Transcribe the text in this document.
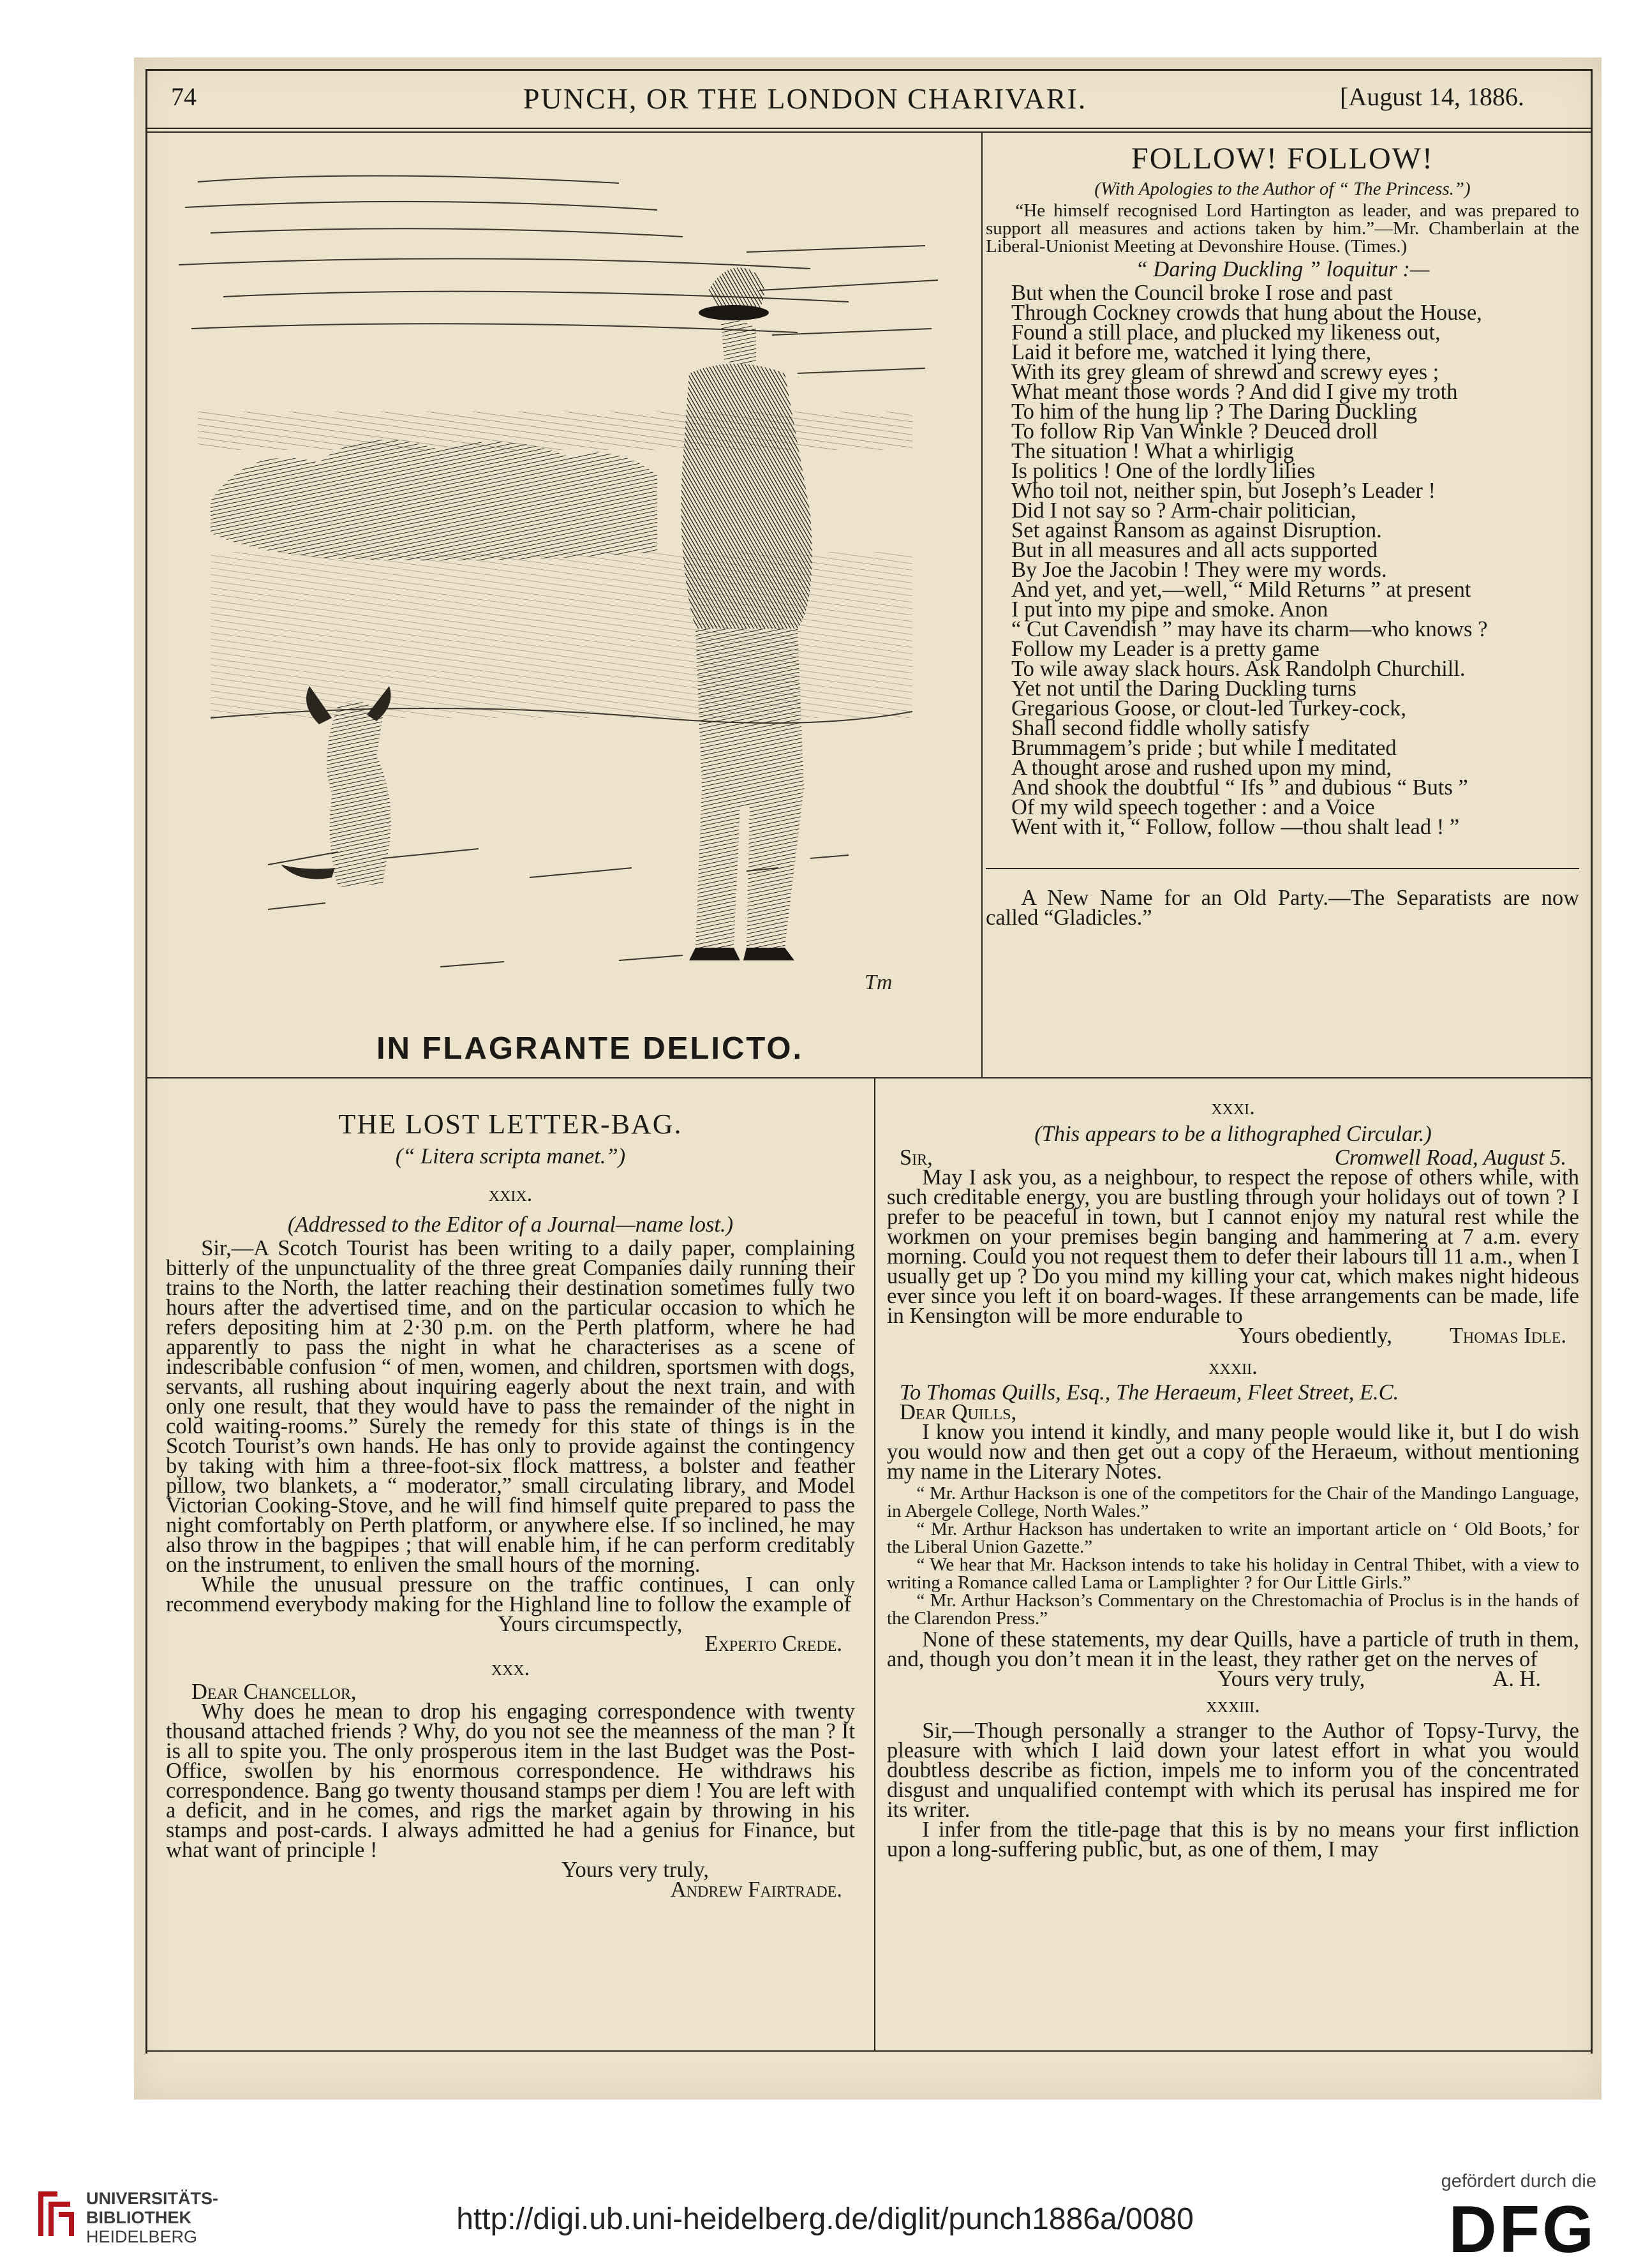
74	PUNCH, OR THE LONDON CHARIVARI.	[August 14, 1886.
Tm
IN FLAGRANTE DELICTO.

FOLLOW! FOLLOW!

(With Apologies to the Author of “ The Princess.”)

“He himself recognised Lord Hartington as leader, and was prepared to support all measures and actions taken by him.”—Mr. Chamberlain at the Liberal-Unionist Meeting at Devonshire House. (Times.)

“ Daring Duckling ” loquitur :—

But when the Council broke I rose and past
Through Cockney crowds that hung about the House,
Found a still place, and plucked my likeness out,
Laid it before me, watched it lying there,
With its grey gleam of shrewd and screwy eyes ;
What meant those words ? And did I give my troth
To him of the hung lip ? The Daring Duckling
To follow Rip Van Winkle ? Deuced droll
The situation ! What a whirligig
Is politics ! One of the lordly lilies
Who toil not, neither spin, but Joseph’s Leader !
Did I not say so ? Arm-chair politician,
Set against Ransom as against Disruption.
But in all measures and all acts supported
By Joe the Jacobin ! They were my words.
And yet, and yet,—well, “ Mild Returns ” at present
I put into my pipe and smoke. Anon
“ Cut Cavendish ” may have its charm—who knows ?
Follow my Leader is a pretty game
To wile away slack hours. Ask Randolph Churchill.
Yet not until the Daring Duckling turns
Gregarious Goose, or clout-led Turkey-cock,
Shall second fiddle wholly satisfy
Brummagem’s pride ; but while I meditated
A thought arose and rushed upon my mind,
And shook the doubtful “ Ifs ” and dubious “ Buts ”
Of my wild speech together : and a Voice
Went with it, “ Follow, follow —thou shalt lead ! ”

A New Name for an Old Party.—The Separatists are now called “Gladicles.”

THE LOST LETTER-BAG.

(“ Litera scripta manet.”)

xxix.

(Addressed to the Editor of a Journal—name lost.)

Sir,—A Scotch Tourist has been writing to a daily paper, complaining bitterly of the unpunctuality of the three great Companies daily running their trains to the North, the latter reaching their destination sometimes fully two hours after the advertised time, and on the particular occasion to which he refers depositing him at 2·30 p.m. on the Perth platform, where he had apparently to pass the night in what he characterises as a scene of indescribable confusion “ of men, women, and children, sportsmen with dogs, servants, all rushing about inquiring eagerly about the next train, and with only one result, that they would have to pass the remainder of the night in cold waiting-rooms.” Surely the remedy for this state of things is in the Scotch Tourist’s own hands. He has only to provide against the contingency by taking with him a three-foot-six flock mattress, a bolster and feather pillow, two blankets, a “ moderator,” small circulating library, and Model Victorian Cooking-Stove, and he will find himself quite prepared to pass the night comfortably on Perth platform, or anywhere else. If so inclined, he may also throw in the bagpipes ; that will enable him, if he can perform creditably on the instrument, to enliven the small hours of the morning.

While the unusual pressure on the traffic continues, I can only recommend everybody making for the Highland line to follow the example of

Yours circumspectly,

Experto Crede.

xxx.

Dear Chancellor,

Why does he mean to drop his engaging correspondence with twenty thousand attached friends ? Why, do you not see the meanness of the man ? It is all to spite you. The only prosperous item in the last Budget was the Post-Office, swollen by his enormous correspondence. He withdraws his correspondence. Bang go twenty thousand stamps per diem ! You are left with a deficit, and in he comes, and rigs the market again by throwing in his stamps and post-cards. I always admitted he had a genius for Finance, but what want of principle !

Yours very truly,

Andrew Fairtrade.

xxxi.

(This appears to be a lithographed Circular.)

Sir,	Cromwell Road, August 5.

May I ask you, as a neighbour, to respect the repose of others while, with such creditable energy, you are bustling through your holidays out of town ? I prefer to be peaceful in town, but I cannot enjoy my natural rest while the workmen on your premises begin banging and hammering at 7 a.m. every morning. Could you not request them to defer their labours till 11 a.m., when I usually get up ? Do you mind my killing your cat, which makes night hideous ever since you left it on board-wages. If these arrangements can be made, life in Kensington will be more endurable to

Yours obediently,	Thomas Idle.

xxxii.

To Thomas Quills, Esq., The Heraeum, Fleet Street, E.C.

Dear Quills,

I know you intend it kindly, and many people would like it, but I do wish you would now and then get out a copy of the Heraeum, without mentioning my name in the Literary Notes.

“ Mr. Arthur Hackson is one of the competitors for the Chair of the Mandingo Language, in Abergele College, North Wales.”

“ Mr. Arthur Hackson has undertaken to write an important article on ‘ Old Boots,’ for the Liberal Union Gazette.”

“ We hear that Mr. Hackson intends to take his holiday in Central Thibet, with a view to writing a Romance called Lama or Lamplighter ? for Our Little Girls.”

“ Mr. Arthur Hackson’s Commentary on the Chrestomachia of Proclus is in the hands of the Clarendon Press.”

None of these statements, my dear Quills, have a particle of truth in them, and, though you don’t mean it in the least, they rather get on the nerves of

Yours very truly,	A. H.

xxxiii.

Sir,—Though personally a stranger to the Author of Topsy-Turvy, the pleasure with which I laid down your latest effort in what you would doubtless describe as fiction, impels me to inform you of the concentrated disgust and unqualified contempt with which its perusal has inspired me for its writer.

I infer from the title-page that this is by no means your first infliction upon a long-suffering public, but, as one of them, I may

UNIVERSITÄTS-
BIBLIOTHEK
HEIDELBERG
http://digi.ub.uni-heidelberg.de/diglit/punch1886a/0080
gefördert durch die
DFG
